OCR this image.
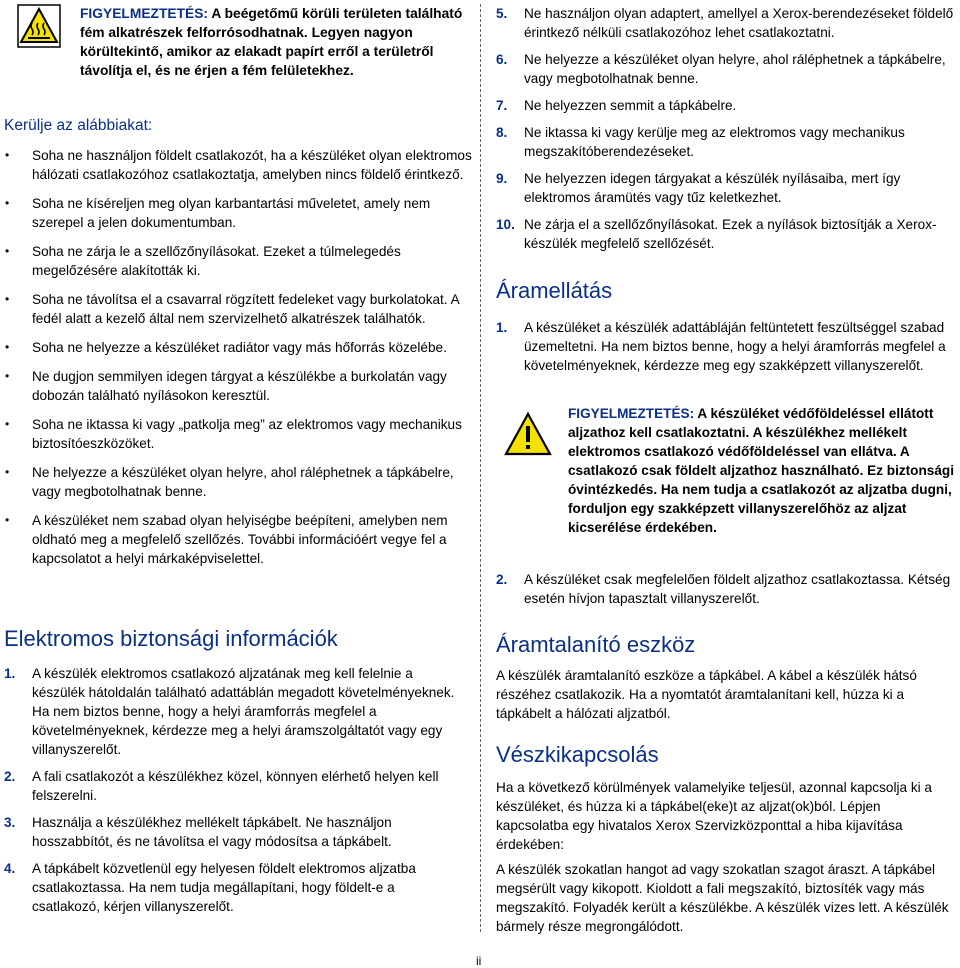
FIGYELMEZTETÉS: A beégetőmű körüli területen található fém alkatrészek felforrósodhatnak. Legyen nagyon körültekintő, amikor az elakadt papírt erről a területről távolítja el, és ne érjen a fém felületekhez.
Kerülje az alábbiakat:
• Soha ne használjon földelt csatlakozót, ha a készüléket olyan elektromos hálózati csatlakozóhoz csatlakoztatja, amelyben nincs földelő érintkező.
• Soha ne kíséreljen meg olyan karbantartási műveletet, amely nem szerepel a jelen dokumentumban.
• Soha ne zárja le a szellőzőnyílásokat. Ezeket a túlmelegedés megelőzésére alakították ki.
• Soha ne távolítsa el a csavarral rögzített fedeleket vagy burkolatokat. A fedél alatt a kezelő által nem szervizelhető alkatrészek találhatók.
• Soha ne helyezze a készüléket radiátor vagy más hőforrás közelébe.
• Ne dugjon semmilyen idegen tárgyat a készülékbe a burkolatán vagy dobozán található nyílásokon keresztül.
• Soha ne iktassa ki vagy „patkolja meg” az elektromos vagy mechanikus biztosítóeszközöket.
• Ne helyezze a készüléket olyan helyre, ahol ráléphetnek a tápkábelre, vagy megbotolhatnak benne.
• A készüléket nem szabad olyan helyiségbe beépíteni, amelyben nem oldható meg a megfelelő szellőzés. További információért vegye fel a kapcsolatot a helyi márkaképviselettel.
Elektromos biztonsági információk
1. A készülék elektromos csatlakozó aljzatának meg kell felelnie a készülék hátoldalán található adattáblán megadott követelményeknek. Ha nem biztos benne, hogy a helyi áramforrás megfelel a követelményeknek, kérdezze meg a helyi áramszolgáltatót vagy egy villanyszerelőt.
2. A fali csatlakozót a készülékhez közel, könnyen elérhető helyen kell felszerelni.
3. Használja a készülékhez mellékelt tápkábelt. Ne használjon hosszabbítót, és ne távolítsa el vagy módosítsa a tápkábelt.
4. A tápkábelt közvetlenül egy helyesen földelt elektromos aljzatba csatlakoztassa. Ha nem tudja megállapítani, hogy földelt-e a csatlakozó, kérjen villanyszerelőt.
5. Ne használjon olyan adaptert, amellyel a Xerox-berendezéseket földelő érintkező nélküli csatlakozóhoz lehet csatlakoztatni.
6. Ne helyezze a készüléket olyan helyre, ahol ráléphetnek a tápkábelre, vagy megbotolhatnak benne.
7. Ne helyezzen semmit a tápkábelre.
8. Ne iktassa ki vagy kerülje meg az elektromos vagy mechanikus megszakítóberendezéseket.
9. Ne helyezzen idegen tárgyakat a készülék nyílásaiba, mert így elektromos áramütés vagy tűz keletkezhet.
10. Ne zárja el a szellőzőnyílásokat. Ezek a nyílások biztosítják a Xerox-készülék megfelelő szellőzését.
Áramellátás
1. A készüléket a készülék adattábláján feltüntetett feszültséggel szabad üzemeltetni. Ha nem biztos benne, hogy a helyi áramforrás megfelel a követelményeknek, kérdezze meg egy szakképzett villanyszerelőt.
FIGYELMEZTETÉS: A készüléket védőföldeléssel ellátott aljzathoz kell csatlakoztatni. A készülékhez mellékelt elektromos csatlakozó védőföldeléssel van ellátva. A csatlakozó csak földelt aljzathoz használható. Ez biztonsági óvintézkedés. Ha nem tudja a csatlakozót az aljzatba dugni, forduljon egy szakképzett villanyszerelőhöz az aljzat kicserélése érdekében.
2. A készüléket csak megfelelően földelt aljzathoz csatlakoztassa. Kétség esetén hívjon tapasztalt villanyszerelőt.
Áramtalanító eszköz
A készülék áramtalanító eszköze a tápkábel. A kábel a készülék hátsó részéhez csatlakozik. Ha a nyomtatót áramtalanítani kell, húzza ki a tápkábelt a hálózati aljzatból.
Vészkikapcsolás
Ha a következő körülmények valamelyike teljesül, azonnal kapcsolja ki a készüléket, és húzza ki a tápkábel(eke)t az aljzat(ok)ból. Lépjen kapcsolatba egy hivatalos Xerox Szervizközponttal a hiba kijavítása érdekében:
A készülék szokatlan hangot ad vagy szokatlan szagot áraszt. A tápkábel megsérült vagy kikopott. Kioldott a fali megszakító, biztosíték vagy más megszakító. Folyadék került a készülékbe. A készülék vizes lett. A készülék bármely része megrongálódott.
ii
